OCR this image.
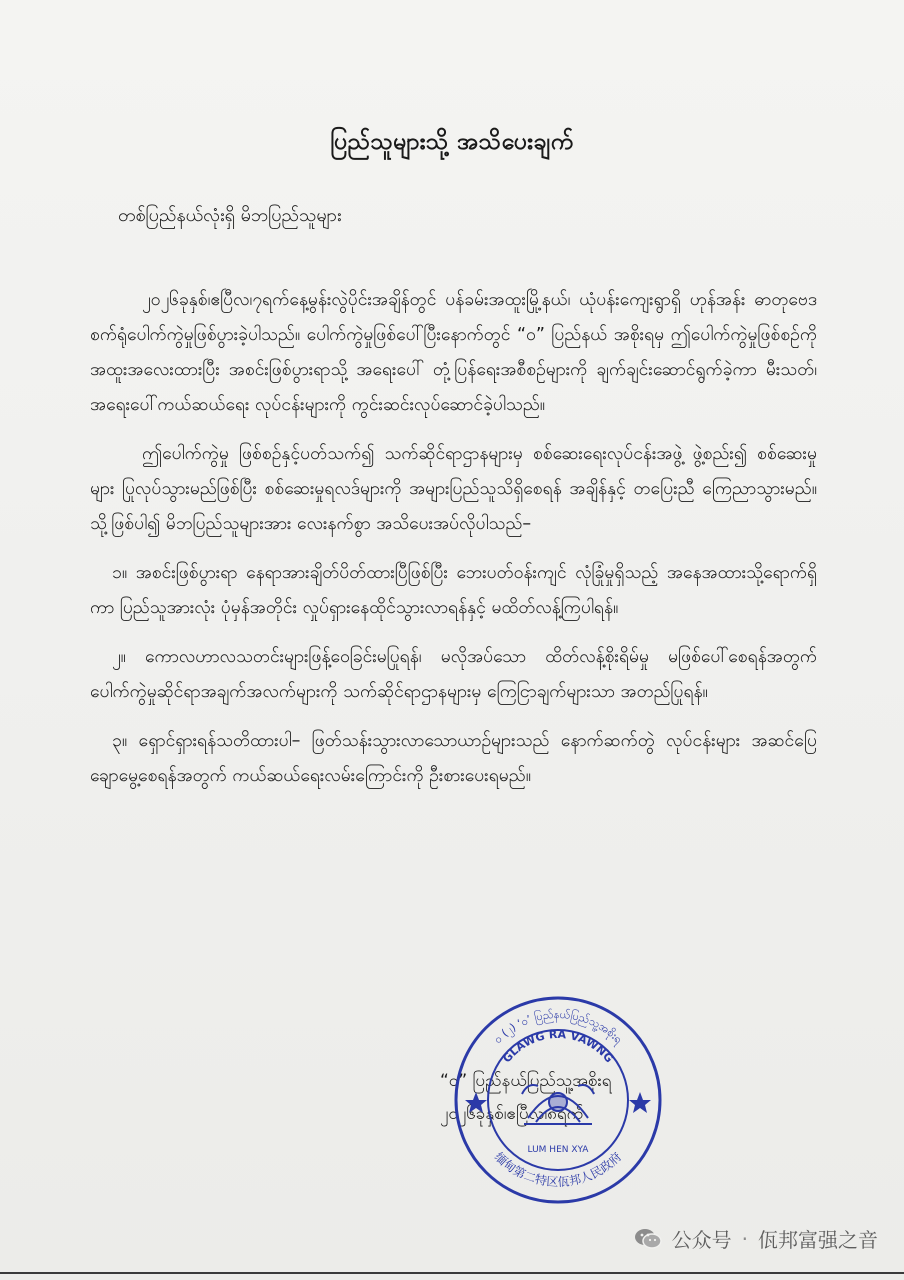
ပြည်သူများသို့ အသိပေးချက်
တစ်ပြည်နယ်လုံးရှိ မိဘပြည်သူများ

၂၀၂၆ခုနှစ်၊ဧပြီလ၊၇ရက်နေ့မွန်းလွဲပိုင်းအချိန်တွင် ပန်ခမ်းအထူးမြို့နယ်၊ ယုံပန်းကျေးရွာရှိ ဟုန်အန်း ဓာတုဗေဒစက်ရုံပေါက်ကွဲမှုဖြစ်ပွားခဲ့ပါသည်။ ပေါက်ကွဲမှုဖြစ်ပေါ်ပြီးနောက်တွင် “ဝ” ပြည်နယ် အစိုးရမှ ဤပေါက်ကွဲမှုဖြစ်စဉ်ကို အထူးအလေးထားပြီး အစင်းဖြစ်ပွားရာသို့ အရေးပေါ် တုံ့ပြန်ရေးအစီစဉ်များကို ချက်ချင်းဆောင်ရွက်ခဲ့ကာ မီးသတ်၊ အရေးပေါ်ကယ်ဆယ်ရေး လုပ်ငန်းများကို ကွင်းဆင်းလုပ်ဆောင်ခဲ့ပါသည်။

ဤပေါက်ကွဲမှု ဖြစ်စဉ်နှင့်ပတ်သက်၍ သက်ဆိုင်ရာဌာနများမှ စစ်ဆေးရေးလုပ်ငန်းအဖွဲ့ ဖွဲ့စည်း၍ စစ်ဆေးမှုများ ပြုလုပ်သွားမည်ဖြစ်ပြီး စစ်ဆေးမှုရလဒ်များကို အများပြည်သူသိရှိစေရန် အချိန်နှင့် တပြေးညီ ကြေညာသွားမည်။ သို့ဖြစ်ပါ၍ မိဘပြည်သူများအား လေးနက်စွာ အသိပေးအပ်လိုပါသည်–

၁။ အစင်းဖြစ်ပွားရာ နေရာအားချိတ်ပိတ်ထားပြီဖြစ်ပြီး ဘေးပတ်ဝန်းကျင် လုံခြုံမှုရှိသည့် အနေအထားသို့ရောက်ရှိကာ ပြည်သူအားလုံး ပုံမှန်အတိုင်း လှုပ်ရှားနေထိုင်သွားလာရန်နှင့် မထိတ်လန့်ကြပါရန်။

၂။ ကောလဟာလသတင်းများဖြန့်ဝေခြင်းမပြုရန်၊ မလိုအပ်သော ထိတ်လန့်စိုးရိမ်မှု မဖြစ်ပေါ်စေရန်အတွက် ပေါက်ကွဲမှုဆိုင်ရာအချက်အလက်များကို သက်ဆိုင်ရာဌာနများမှ ကြေငြာချက်များသာ အတည်ပြုရန်။

၃။ ရှောင်ရှားရန်သတိထားပါ– ဖြတ်သန်းသွားလာသောယာဉ်များသည် နောက်ဆက်တွဲ လုပ်ငန်းများ အဆင်ပြေချောမွေ့စေရန်အတွက် ကယ်ဆယ်ရေးလမ်းကြောင်းကို ဦးစားပေးရမည်။

“ဝ” ပြည်နယ်ပြည်သူ့အစိုးရ
၂၀၂၆ခုနှစ်၊ဧပြီလ၊၈ရက်
ဝ (၂) ‘ဝ’ ပြည်နယ်ပြည်သူ့အစိုးရ
缅甸第二特区佤邦人民政府
GLAWG RA VAWNG
LUM HEN XYA
公众号 · 佤邦富强之音
